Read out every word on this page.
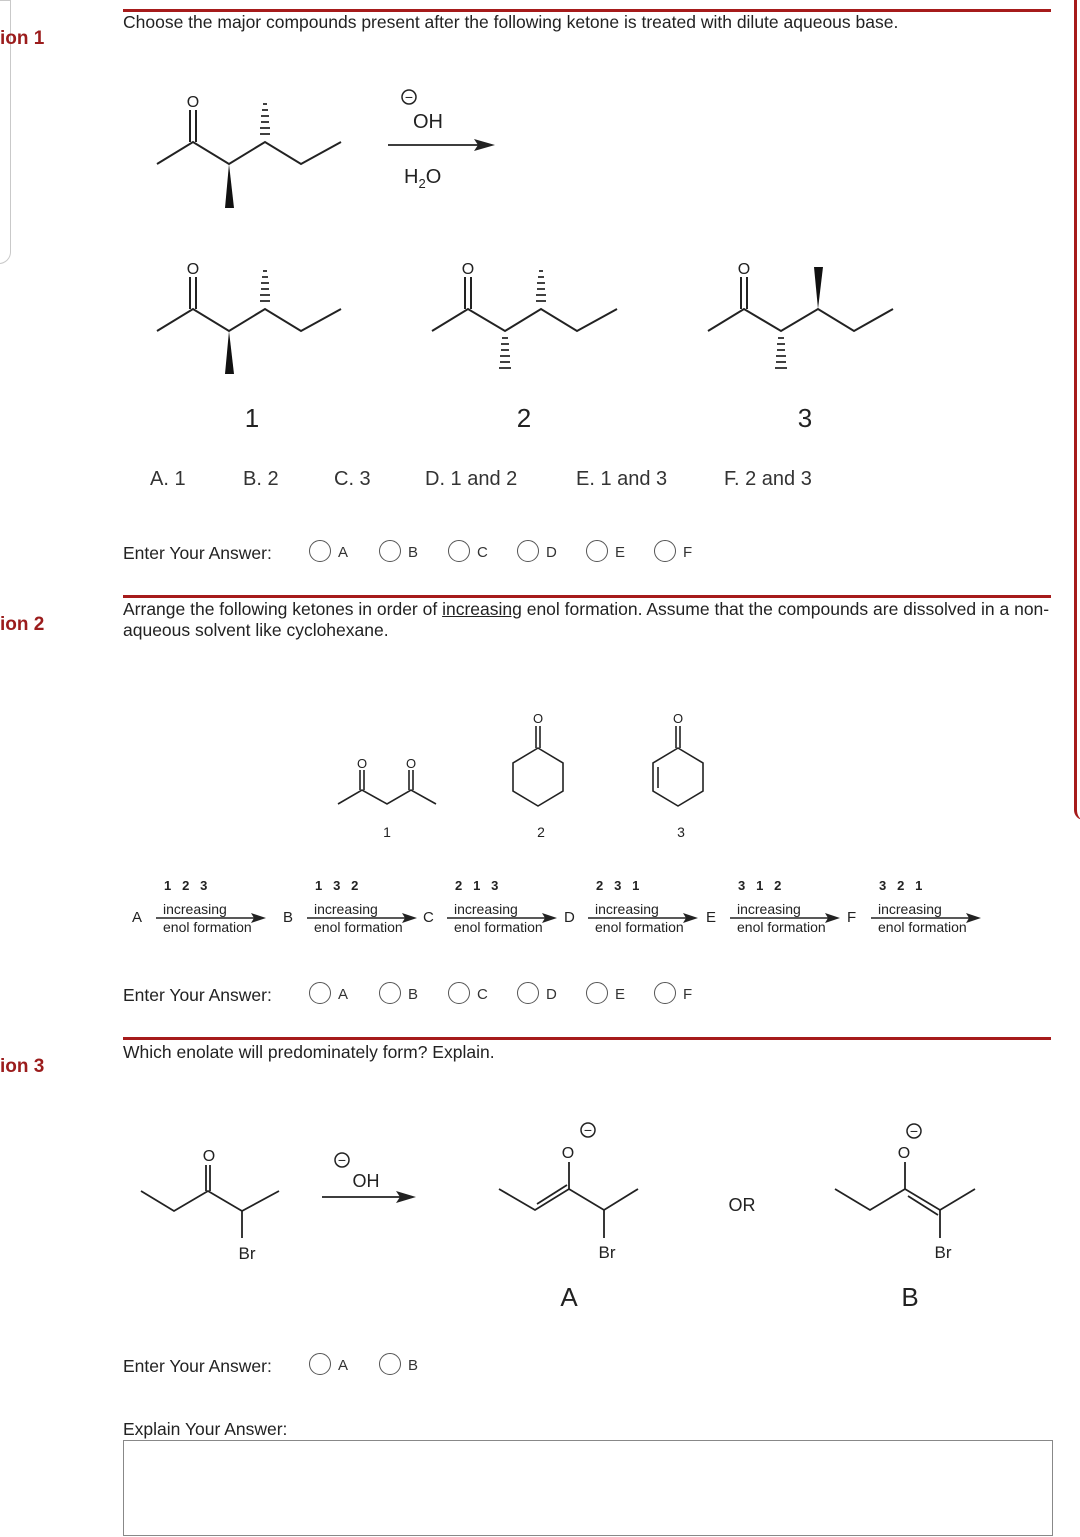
ion 1
ion 2
ion 3
Choose the major compounds present after the following ketone is treated with dilute aqueous base.
O	−
OH
$H_2O$
O
1
O
2
O
3
A. 1	B. 2	C. 3	D. 1 and 2	E. 1 and 3	F. 2 and 3
Enter Your Answer:	A	B	C	D	E	F
Arrange the following ketones in order of increasing enol formation. Assume that the compounds are dissolved in a non-aqueous solvent like cyclohexane.
O	O
1
O
2
O
3
A
1   2   3
increasing
enol formation
B
1   3   2
increasing
enol formation
C
2   1   3
increasing
enol formation
D
2   3   1
increasing
enol formation
E
3   1   2
increasing
enol formation
F
3   2   1
increasing
enol formation
Enter Your Answer:	A	B	C	D	E	F
Which enolate will predominately form? Explain.
O
Br
−
OH
O
−
Br
A
OR
O
−
Br
B
Enter Your Answer:	A	B
Explain Your Answer:
